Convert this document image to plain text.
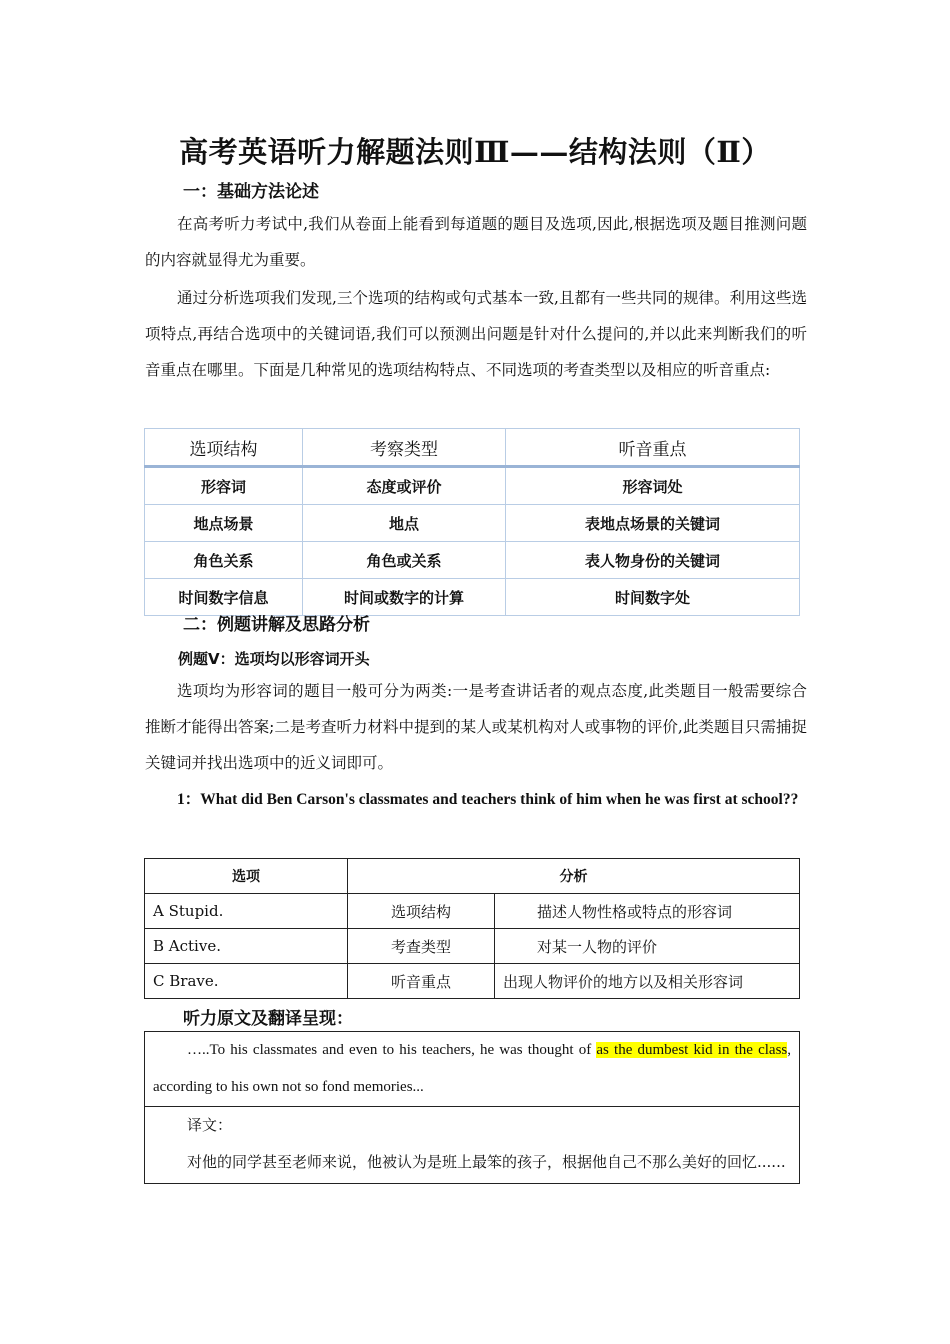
高考英语听力解题法则Ⅲ——结构法则（Ⅱ）
一：基础方法论述
在高考听力考试中,我们从卷面上能看到每道题的题目及选项,因此,根据选项及题目推测问题的内容就显得尤为重要。
通过分析选项我们发现,三个选项的结构或句式基本一致,且都有一些共同的规律。利用这些选项特点,再结合选项中的关键词语,我们可以预测出问题是针对什么提问的,并以此来判断我们的听音重点在哪里。下面是几种常见的选项结构特点、不同选项的考查类型以及相应的听音重点:
选项结构	考察类型	听音重点
形容词	态度或评价	形容词处
地点场景	地点	表地点场景的关键词
角色关系	角色或关系	表人物身份的关键词
时间数字信息	时间或数字的计算	时间数字处
二：例题讲解及思路分析
例题Ⅴ：选项均以形容词开头
选项均为形容词的题目一般可分为两类:一是考查讲话者的观点态度,此类题目一般需要综合推断才能得出答案;二是考查听力材料中提到的某人或某机构对人或事物的评价,此类题目只需捕捉关键词并找出选项中的近义词即可。
1：What did Ben Carson's classmates and teachers think of him when he was first at school??
选项	分析	
A Stupid.	选项结构	描述人物性格或特点的形容词
B Active.	考查类型	对某一人物的评价
C Brave.	听音重点	出现人物评价的地方以及相关形容词
听力原文及翻译呈现：
…..To his classmates and even to his teachers, he was thought of as the dumbest kid in the class, according to his own not so fond memories...
译文：
对他的同学甚至老师来说，他被认为是班上最笨的孩子，根据他自己不那么美好的回忆......
